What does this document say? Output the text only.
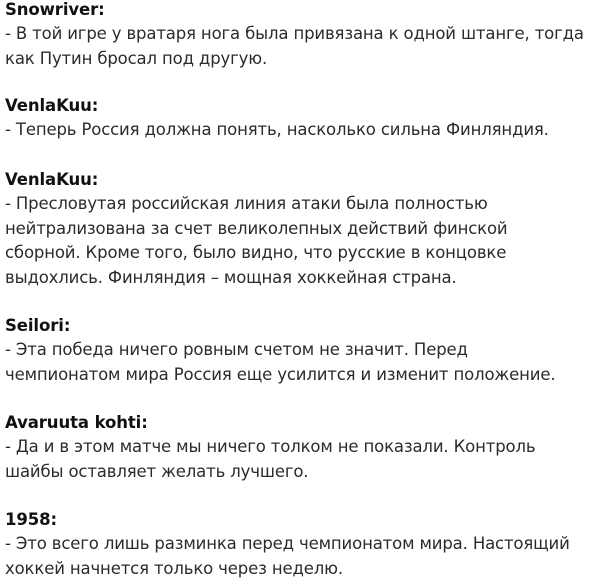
Snowriver:
- В той игре у вратаря нога была привязана к одной штанге, тогда
как Путин бросал под другую.
VenlaKuu:
- Теперь Россия должна понять, насколько сильна Финляндия.
VenlaKuu:
- Пресловутая российская линия атаки была полностью
нейтрализована за счет великолепных действий финской
сборной. Кроме того, было видно, что русские в концовке
выдохлись. Финляндия – мощная хоккейная страна.
Seilori:
- Эта победа ничего ровным счетом не значит. Перед
чемпионатом мира Россия еще усилится и изменит положение.
Avaruuta kohti:
- Да и в этом матче мы ничего толком не показали. Контроль
шайбы оставляет желать лучшего.
1958:
- Это всего лишь разминка перед чемпионатом мира. Настоящий
хоккей начнется только через неделю.
